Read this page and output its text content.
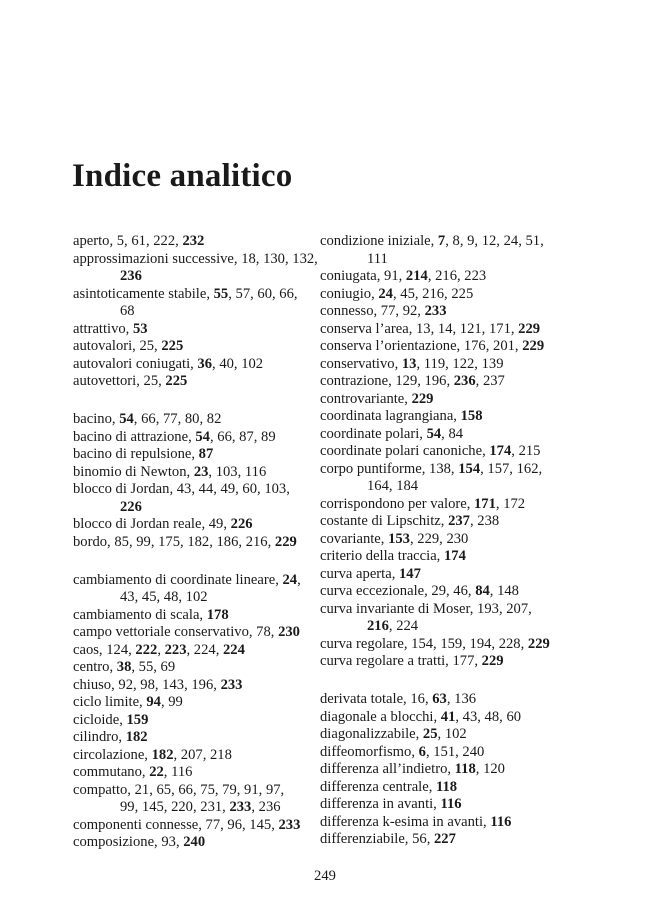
Indice analitico
aperto, 5, 61, 222, 232
approssimazioni successive, 18, 130, 132,
236
asintoticamente stabile, 55, 57, 60, 66,
68
attrattivo, 53
autovalori, 25, 225
autovalori coniugati, 36, 40, 102
autovettori, 25, 225
bacino, 54, 66, 77, 80, 82
bacino di attrazione, 54, 66, 87, 89
bacino di repulsione, 87
binomio di Newton, 23, 103, 116
blocco di Jordan, 43, 44, 49, 60, 103,
226
blocco di Jordan reale, 49, 226
bordo, 85, 99, 175, 182, 186, 216, 229
cambiamento di coordinate lineare, 24,
43, 45, 48, 102
cambiamento di scala, 178
campo vettoriale conservativo, 78, 230
caos, 124, 222, 223, 224, 224
centro, 38, 55, 69
chiuso, 92, 98, 143, 196, 233
ciclo limite, 94, 99
cicloide, 159
cilindro, 182
circolazione, 182, 207, 218
commutano, 22, 116
compatto, 21, 65, 66, 75, 79, 91, 97,
99, 145, 220, 231, 233, 236
componenti connesse, 77, 96, 145, 233
composizione, 93, 240
condizione iniziale, 7, 8, 9, 12, 24, 51,
111
coniugata, 91, 214, 216, 223
coniugio, 24, 45, 216, 225
connesso, 77, 92, 233
conserva l’area, 13, 14, 121, 171, 229
conserva l’orientazione, 176, 201, 229
conservativo, 13, 119, 122, 139
contrazione, 129, 196, 236, 237
controvariante, 229
coordinata lagrangiana, 158
coordinate polari, 54, 84
coordinate polari canoniche, 174, 215
corpo puntiforme, 138, 154, 157, 162,
164, 184
corrispondono per valore, 171, 172
costante di Lipschitz, 237, 238
covariante, 153, 229, 230
criterio della traccia, 174
curva aperta, 147
curva eccezionale, 29, 46, 84, 148
curva invariante di Moser, 193, 207,
216, 224
curva regolare, 154, 159, 194, 228, 229
curva regolare a tratti, 177, 229
derivata totale, 16, 63, 136
diagonale a blocchi, 41, 43, 48, 60
diagonalizzabile, 25, 102
diffeomorfismo, 6, 151, 240
differenza all’indietro, 118, 120
differenza centrale, 118
differenza in avanti, 116
differenza k-esima in avanti, 116
differenziabile, 56, 227
249
